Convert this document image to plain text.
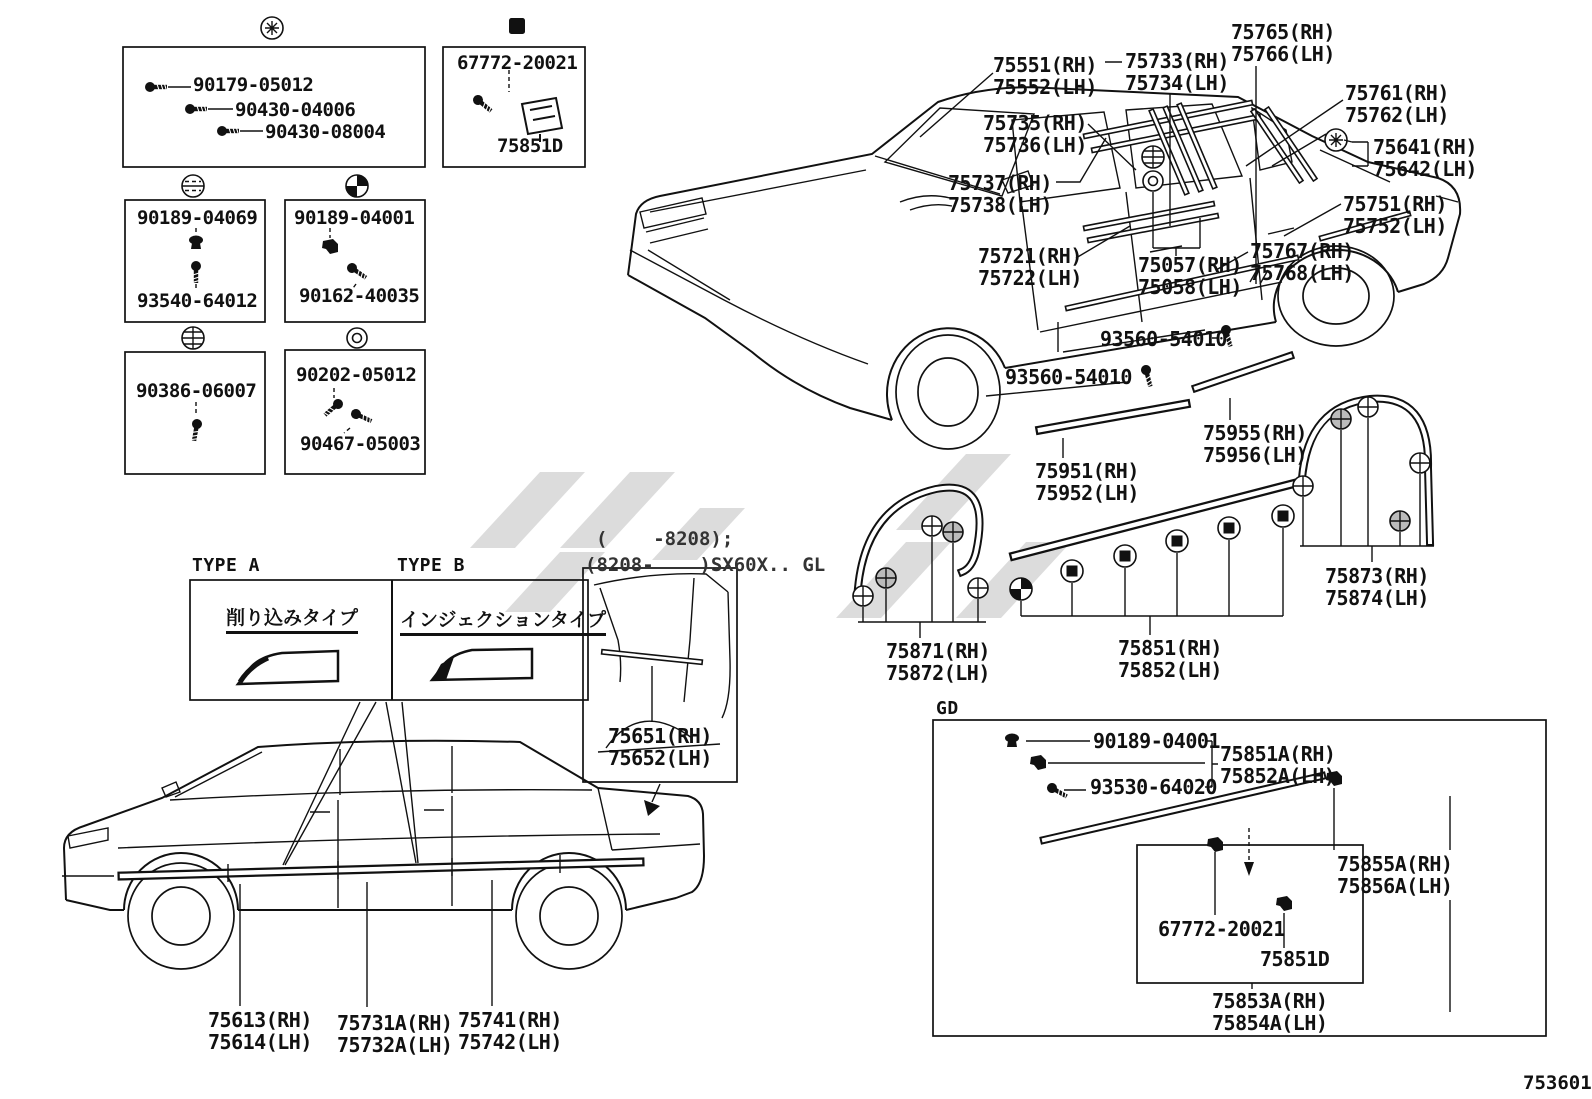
90179-05012
90430-04006
90430-08004
67772-20021
75851D
90189-04069
93540-64012
90189-04001
90162-40035
90386-06007
90202-05012
90467-05003
TYPE A	TYPE B
削り込みタイプ インジェクションタイプ
(    -8208);
(8208-    )SX60X.. GL
GD
753601
75765(RH)
75766(LH)
75551(RH)
75552(LH)
75733(RH)
75734(LH)	75761(RH)
75762(LH)
75735(RH)
75736(LH)	75641(RH)
75642(LH)
75737(RH)
75738(LH)	75751(RH)
75752(LH)
75721(RH)
75722(LH)
75057(RH)
75058(LH)
75767(RH)
75768(LH)
93560-54010
93560-54010
75955(RH)
75956(LH)
75951(RH)
75952(LH)
75873(RH)
75874(LH)
75871(RH)
75872(LH)
75851(RH)
75852(LH)
75651(RH)
75652(LH)
75613(RH)
75614(LH)
75731A(RH)
75732A(LH)
75741(RH)
75742(LH)
90189-04001
75851A(RH)
75852A(LH)
93530-64020
75855A(RH)
75856A(LH)
67772-20021
75851D
75853A(RH)
75854A(LH)
